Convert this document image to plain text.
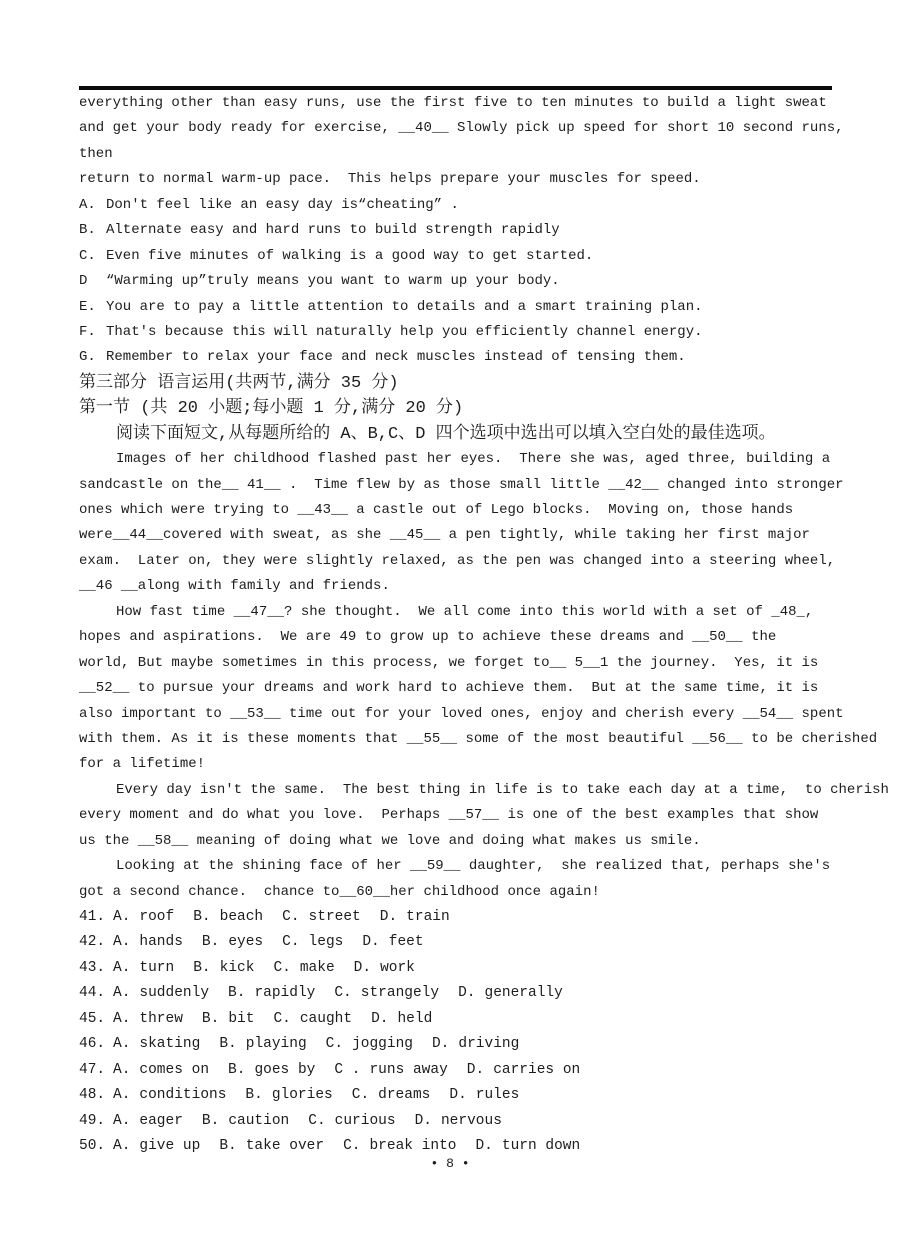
everything other than easy runs, use the first five to ten minutes to build a light sweat
and get your body ready for exercise, __40__ Slowly pick up speed for short 10 second runs,
then
return to normal warm-up pace.  This helps prepare your muscles for speed.
A. Don't feel like an easy day is“cheating” .
B. Alternate easy and hard runs to build strength rapidly
C. Even five minutes of walking is a good way to get started.
D “Warming up”truly means you want to warm up your body.
E. You are to pay a little attention to details and a smart training plan.
F. That's because this will naturally help you efficiently channel energy.
G. Remember to relax your face and neck muscles instead of tensing them.
第三部分 语言运用(共两节,满分 35 分)
第一节 (共 20 小题;每小题 1 分,满分 20 分)
阅读下面短文,从每题所给的 A、B,C、D 四个选项中选出可以填入空白处的最佳选项。
Images of her childhood flashed past her eyes.  There she was, aged three, building a
sandcastle on the__ 41__ .  Time flew by as those small little __42__ changed into stronger
ones which were trying to __43__ a castle out of Lego blocks.  Moving on, those hands
were__44__covered with sweat, as she __45__ a pen tightly, while taking her first major
exam.  Later on, they were slightly relaxed, as the pen was changed into a steering wheel,
__46 __along with family and friends.
How fast time __47__? she thought.  We all come into this world with a set of _48_,
hopes and aspirations.  We are 49 to grow up to achieve these dreams and __50__ the
world, But maybe sometimes in this process, we forget to__ 5__1 the journey.  Yes, it is
__52__ to pursue your dreams and work hard to achieve them.  But at the same time, it is
also important to __53__ time out for your loved ones, enjoy and cherish every __54__ spent
with them. As it is these moments that __55__ some of the most beautiful __56__ to be cherished
for a lifetime!
Every day isn't the same.  The best thing in life is to take each day at a time,  to cherish
every moment and do what you love.  Perhaps __57__ is one of the best examples that show
us the __58__ meaning of doing what we love and doing what makes us smile.
Looking at the shining face of her __59__ daughter,  she realized that, perhaps she's
got a second chance.  chance to__60__her childhood once again!
41. A. roof B. beach C. street D. train
42. A. hands B. eyes C. legs D. feet
43. A. turn B. kick C. make D. work
44. A. suddenly B. rapidly C. strangely D. generally
45. A. threw B. bit C. caught D. held
46. A. skating B. playing C. jogging D. driving
47. A. comes on B. goes by C . runs away D. carries on
48. A. conditions B. glories C. dreams D. rules
49. A. eager B. caution C. curious D. nervous
50. A. give up B. take over C. break into D. turn down
• 8 •
